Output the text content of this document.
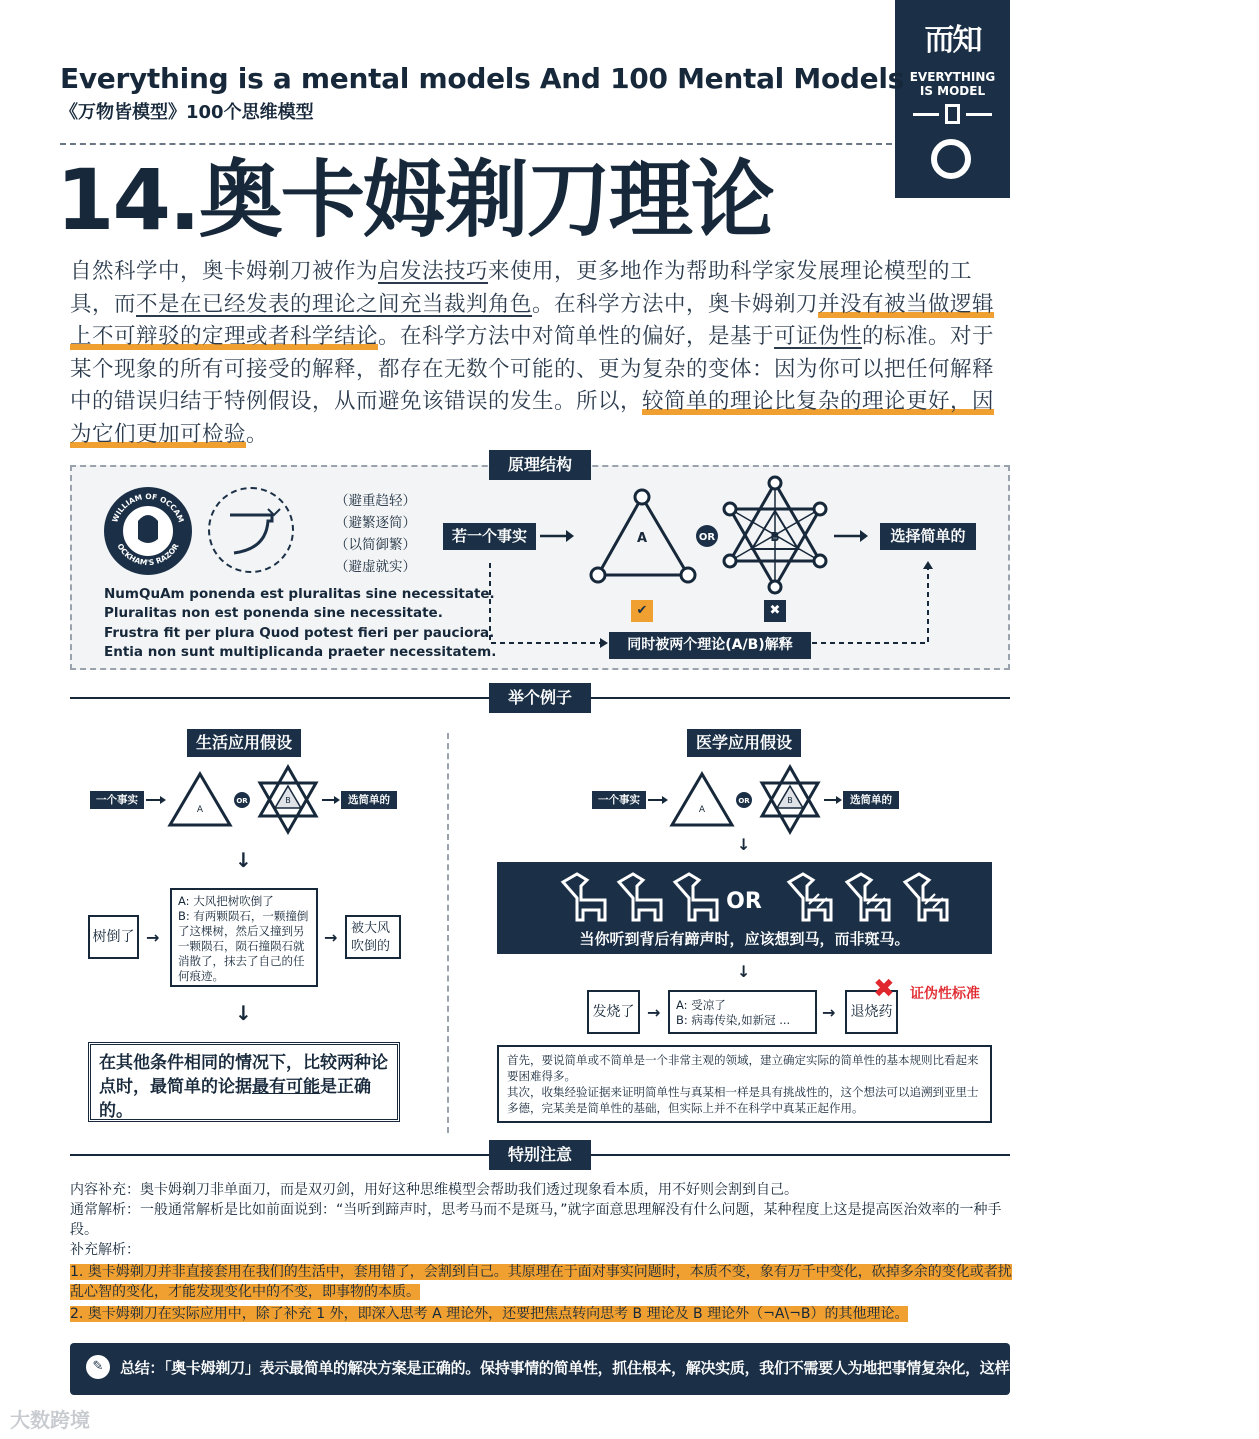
而知
EVERYTHING
IS MODEL
Everything is a mental models And 100 Mental Models
《万物皆模型》100个思维模型
14.奥卡姆剃刀理论
自然科学中，奥卡姆剃刀被作为启发法技巧来使用，更多地作为帮助科学家发展理论模型的工具，而不是在已经发表的理论之间充当裁判角色。在科学方法中，奥卡姆剃刀并没有被当做逻辑上不可辩驳的定理或者科学结论。在科学方法中对简单性的偏好，是基于可证伪性的标准。对于某个现象的所有可接受的解释，都存在无数个可能的、更为复杂的变体：因为你可以把任何解释中的错误归结于特例假设，从而避免该错误的发生。所以，较简单的理论比复杂的理论更好，因为它们更加可检验。
原理结构
WILLIAM OF OCCAM
OCKHAM'S RAZOR
（避重趋轻）
（避繁逐简）
（以简御繁）
（避虚就实）
NumQuAm ponenda est pluralitas sine necessitate.
Pluralitas non est ponenda sine necessitate.
Frustra fit per plura Quod potest fieri per pauciora.
Entia non sunt multiplicanda praeter necessitatem.
若一个事实	选择简单的
A	OR	B
✔	✖
同时被两个理论(A/B)解释
举个例子
生活应用假设
一个事实	选简单的
A
OR	B
↓
树倒了 →
A: 大风把树吹倒了
B: 有两颗陨石，一颗撞倒
了这棵树，然后又撞到另
一颗陨石，陨石撞陨石就
消散了，抹去了自己的任
何痕迹。
→	被大风吹倒的
↓
在其他条件相同的情况下，比较两种论点时，最简单的论据最有可能是正确的。
医学应用假设
一个事实	选简单的
A
OR	B
↓
OR
当你听到背后有蹄声时，应该想到马，而非斑马。
↓
发烧了 → A: 受凉了
B: 病毒传染,如新冠 ...	→	退烧药
✖ 证伪性标准
首先，要说简单或不简单是一个非常主观的领域，建立确定实际的简单性的基本规则比看起来要困难得多。
其次，收集经验证据来证明简单性与真某相一样是具有挑战性的，这个想法可以追溯到亚里士多德，完某美是简单性的基础，但实际上并不在科学中真某正起作用。
特别注意
内容补充：奥卡姆剃刀非单面刀，而是双刃剑，用好这种思维模型会帮助我们透过现象看本质，用不好则会割到自己。
通常解析：一般通常解析是比如前面说到：“当听到蹄声时，思考马而不是斑马，”就字面意思理解没有什么问题，某种程度上这是提高医治效率的一种手段。
补充解析：
1. 奥卡姆剃刀并非直接套用在我们的生活中，套用错了，会割到自己。其原理在于面对事实问题时，本质不变，象有万千中变化，砍掉多余的变化或者扰乱心智的变化，才能发现变化中的不变，即事物的本质。
2. 奥卡姆剃刀在实际应用中，除了补充 1 外，即深入思考 A 理论外，还要把焦点转向思考 B 理论及 B 理论外（¬A\¬B）的其他理论。
✎	总结：「奥卡姆剃刀」表示最简单的解决方案是正确的。保持事情的简单性，抓住根本，解决实质，我们不需要人为地把事情复杂化，这样我们才能更快更效率的将事情处理好。
大数跨境
